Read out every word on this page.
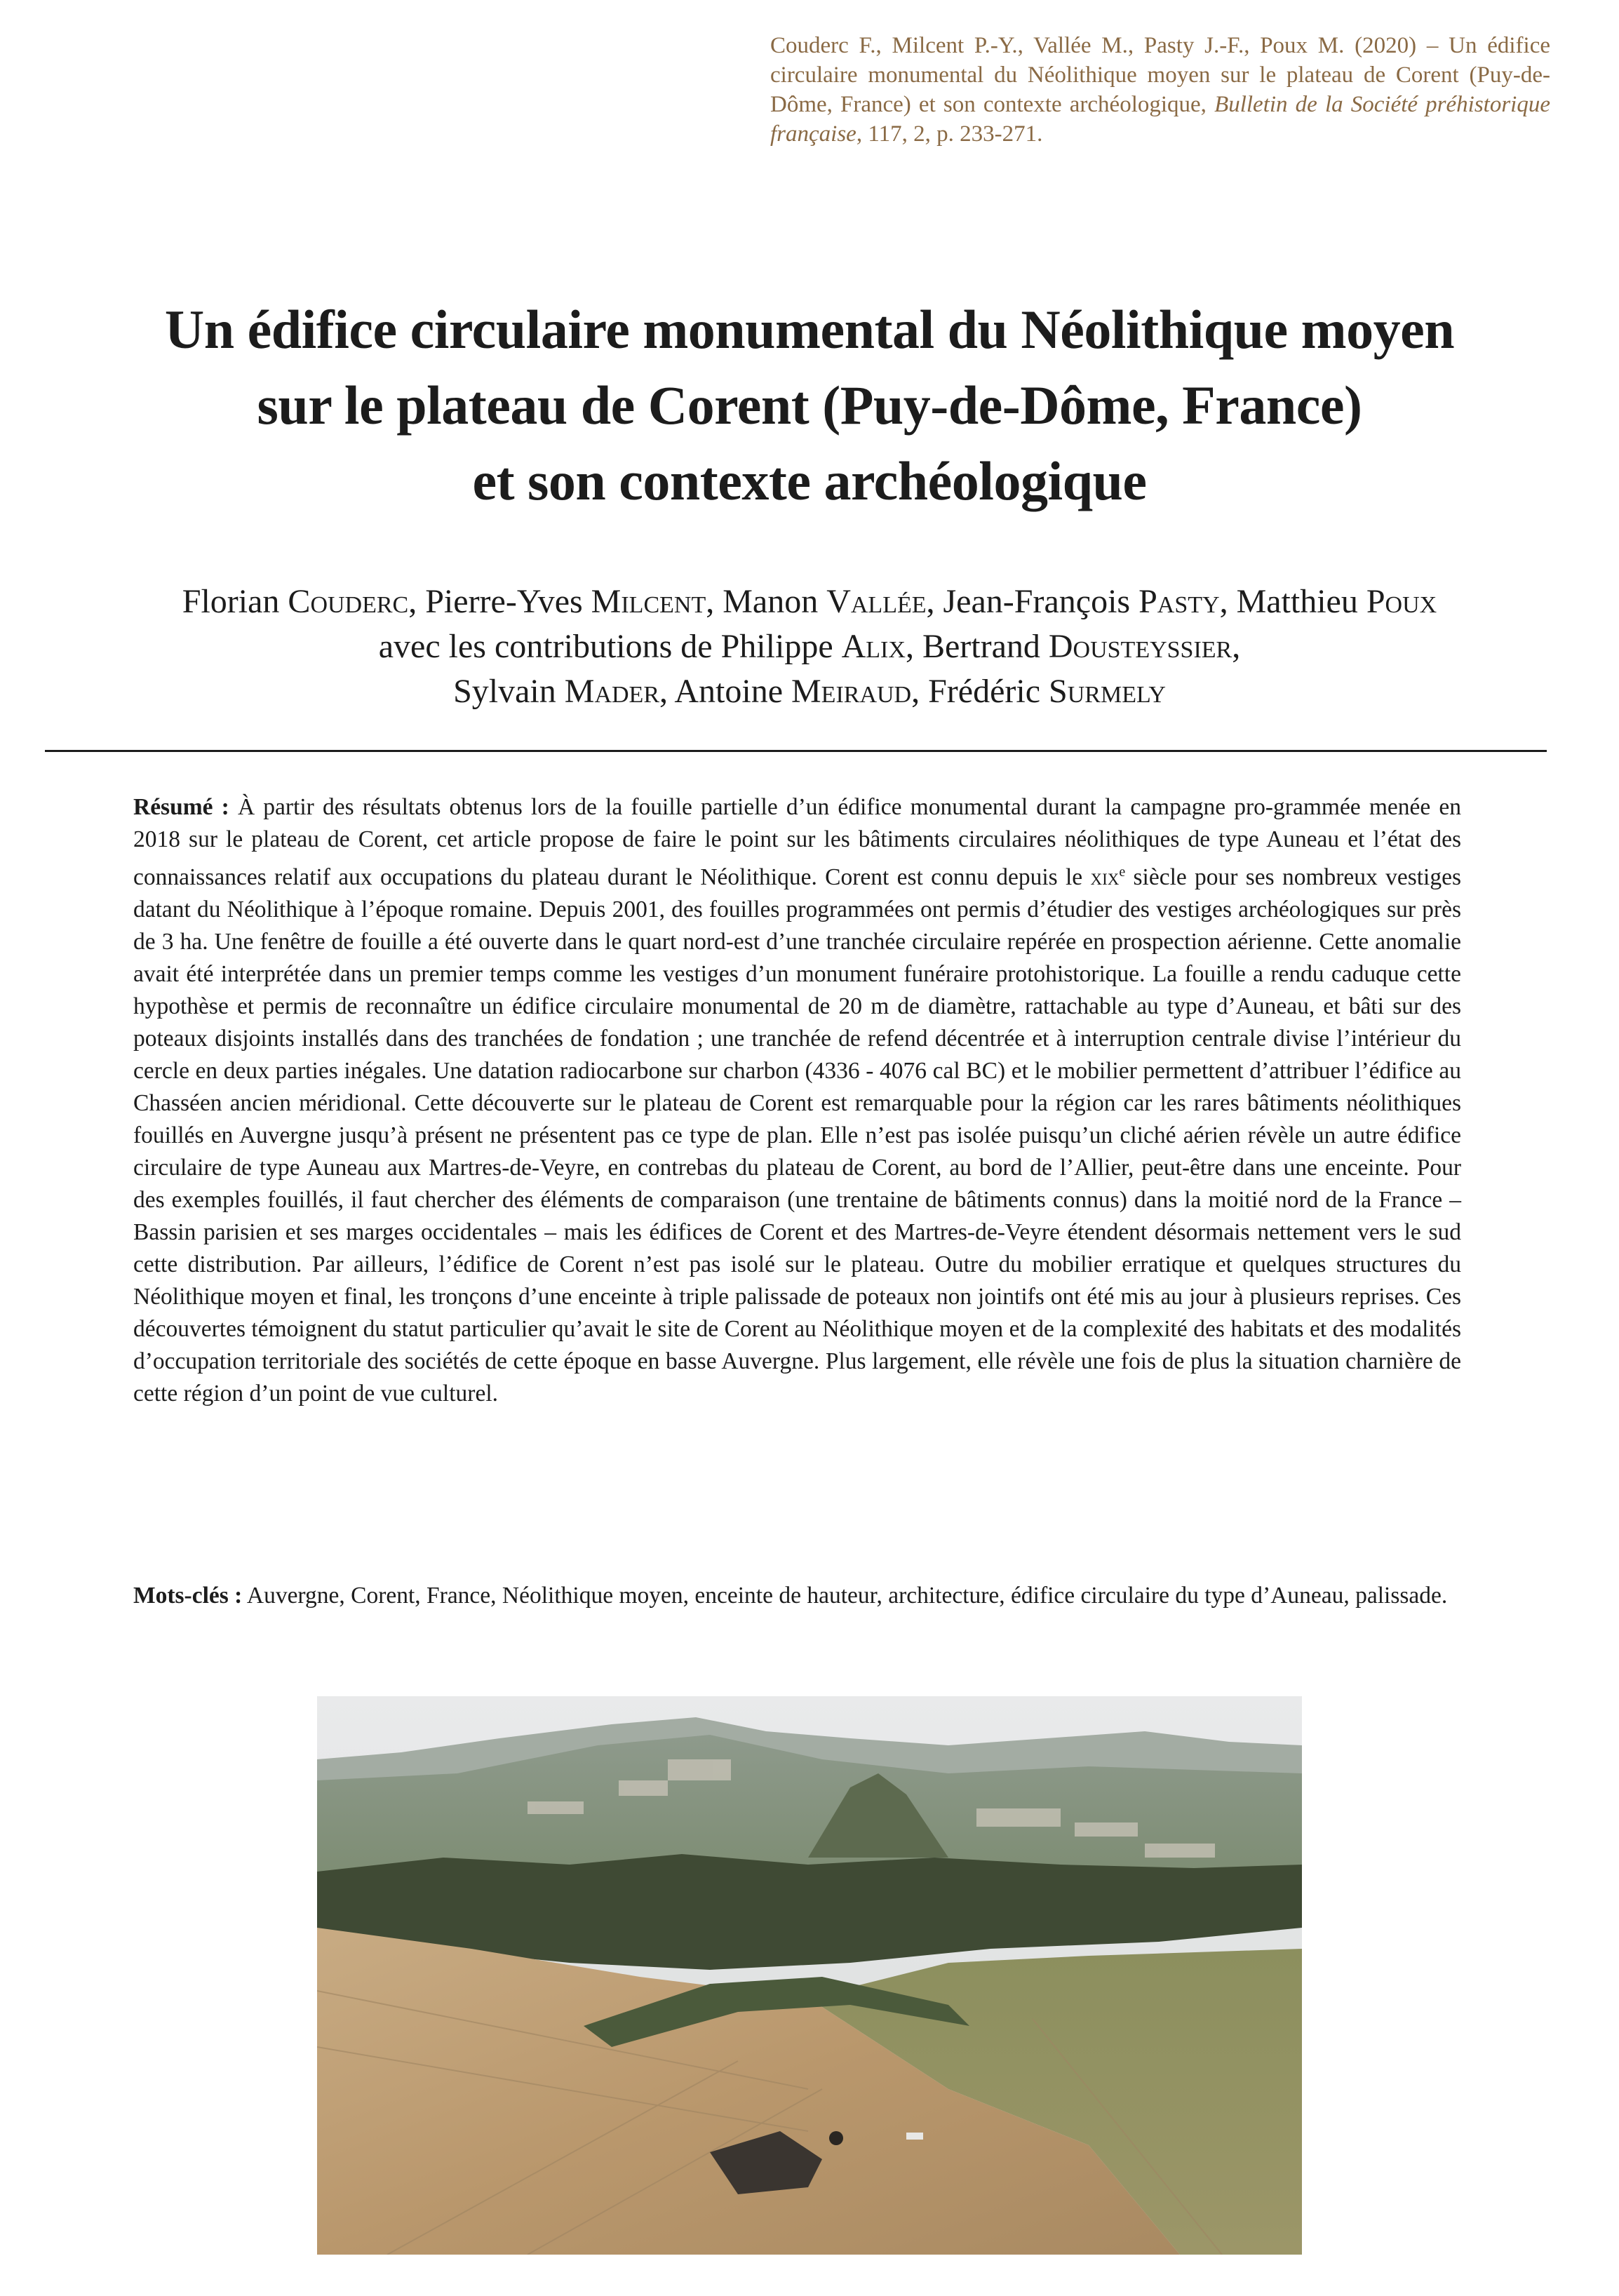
Couderc F., Milcent P.-Y., Vallée M., Pasty J.-F., Poux M. (2020) – Un édifice circulaire monumental du Néolithique moyen sur le plateau de Corent (Puy-de-Dôme, France) et son contexte archéologique, Bulletin de la Société préhistorique française, 117, 2, p. 233-271.
Un édifice circulaire monumental du Néolithique moyen
sur le plateau de Corent (Puy-de-Dôme, France)
et son contexte archéologique
Florian Couderc, Pierre-Yves Milcent, Manon Vallée, Jean-François Pasty, Matthieu Poux
avec les contributions de Philippe Alix, Bertrand Dousteyssier,
Sylvain Mader, Antoine Meiraud, Frédéric Surmely
Résumé : À partir des résultats obtenus lors de la fouille partielle d’un édifice monumental durant la campagne pro-grammée menée en 2018 sur le plateau de Corent, cet article propose de faire le point sur les bâtiments circulaires néolithiques de type Auneau et l’état des connaissances relatif aux occupations du plateau durant le Néolithique. Corent est connu depuis le xix$^e$ siècle pour ses nombreux vestiges datant du Néolithique à l’époque romaine. Depuis 2001, des fouilles programmées ont permis d’étudier des vestiges archéologiques sur près de 3 ha. Une fenêtre de fouille a été ouverte dans le quart nord-est d’une tranchée circulaire repérée en prospection aérienne. Cette anomalie avait été interprétée dans un premier temps comme les vestiges d’un monument funéraire protohistorique. La fouille a rendu caduque cette hypothèse et permis de reconnaître un édifice circulaire monumental de 20 m de diamètre, rattachable au type d’Auneau, et bâti sur des poteaux disjoints installés dans des tranchées de fondation ; une tranchée de refend décentrée et à interruption centrale divise l’intérieur du cercle en deux parties inégales. Une datation radiocarbone sur charbon (4336 - 4076 cal BC) et le mobilier permettent d’attribuer l’édifice au Chasséen ancien méridional. Cette découverte sur le plateau de Corent est remarquable pour la région car les rares bâtiments néolithiques fouillés en Auvergne jusqu’à présent ne présentent pas ce type de plan. Elle n’est pas isolée puisqu’un cliché aérien révèle un autre édifice circulaire de type Auneau aux Martres-de-Veyre, en contrebas du plateau de Corent, au bord de l’Allier, peut-être dans une enceinte. Pour des exemples fouillés, il faut chercher des éléments de comparaison (une trentaine de bâtiments connus) dans la moitié nord de la France – Bassin parisien et ses marges occidentales – mais les édifices de Corent et des Martres-de-Veyre étendent désormais nettement vers le sud cette distribution. Par ailleurs, l’édifice de Corent n’est pas isolé sur le plateau. Outre du mobilier erratique et quelques structures du Néolithique moyen et final, les tronçons d’une enceinte à triple palissade de poteaux non jointifs ont été mis au jour à plusieurs reprises. Ces découvertes témoignent du statut particulier qu’avait le site de Corent au Néolithique moyen et de la complexité des habitats et des modalités d’occupation territoriale des sociétés de cette époque en basse Auvergne. Plus largement, elle révèle une fois de plus la situation charnière de cette région d’un point de vue culturel.
Mots-clés : Auvergne, Corent, France, Néolithique moyen, enceinte de hauteur, architecture, édifice circulaire du type d’Auneau, palissade.
